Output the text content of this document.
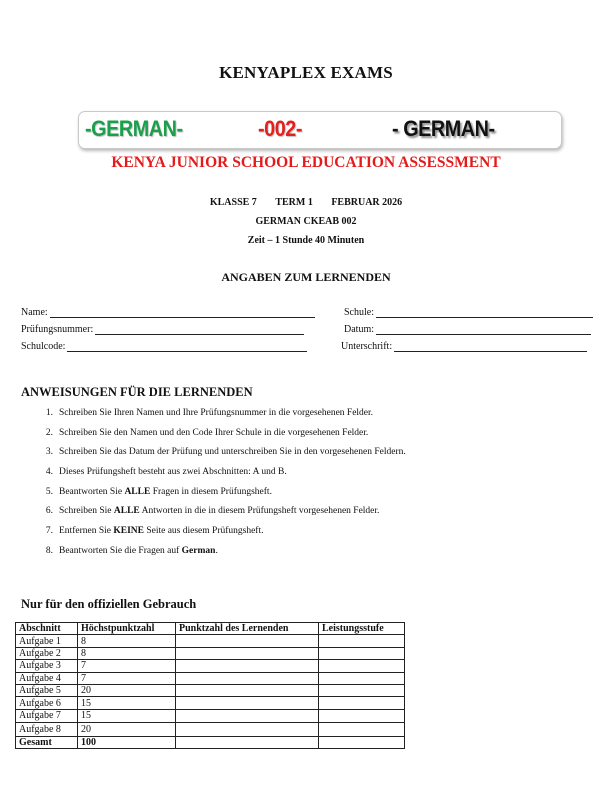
KENYAPLEX EXAMS
-GERMAN-	-002-	- GERMAN-
KENYA JUNIOR SCHOOL EDUCATION ASSESSMENT
KLASSE 7 TERM 1 FEBRUAR 2026
GERMAN CKEAB 002
Zeit – 1 Stunde 40 Minuten
ANGABEN ZUM LERNENDEN
Name:
Prüfungsnummer:
Schulcode:
Schule:
Datum:
Unterschrift:
ANWEISUNGEN FÜR DIE LERNENDEN
1. Schreiben Sie Ihren Namen und Ihre Prüfungsnummer in die vorgesehenen Felder.
2. Schreiben Sie den Namen und den Code Ihrer Schule in die vorgesehenen Felder.
3. Schreiben Sie das Datum der Prüfung und unterschreiben Sie in den vorgesehenen Feldern.
4. Dieses Prüfungsheft besteht aus zwei Abschnitten: A und B.
5. Beantworten Sie ALLE Fragen in diesem Prüfungsheft.
6. Schreiben Sie ALLE Antworten in die in diesem Prüfungsheft vorgesehenen Felder.
7. Entfernen Sie KEINE Seite aus diesem Prüfungsheft.
8. Beantworten Sie die Fragen auf German.
Nur für den offiziellen Gebrauch
Abschnitt	Höchstpunktzahl	Punktzahl des Lernenden	Leistungsstufe
Aufgabe 1	8		
Aufgabe 2	8		
Aufgabe 3	7		
Aufgabe 4	7		
Aufgabe 5	20		
Aufgabe 6	15		
Aufgabe 7	15		
Aufgabe 8	20		
Gesamt	100		
